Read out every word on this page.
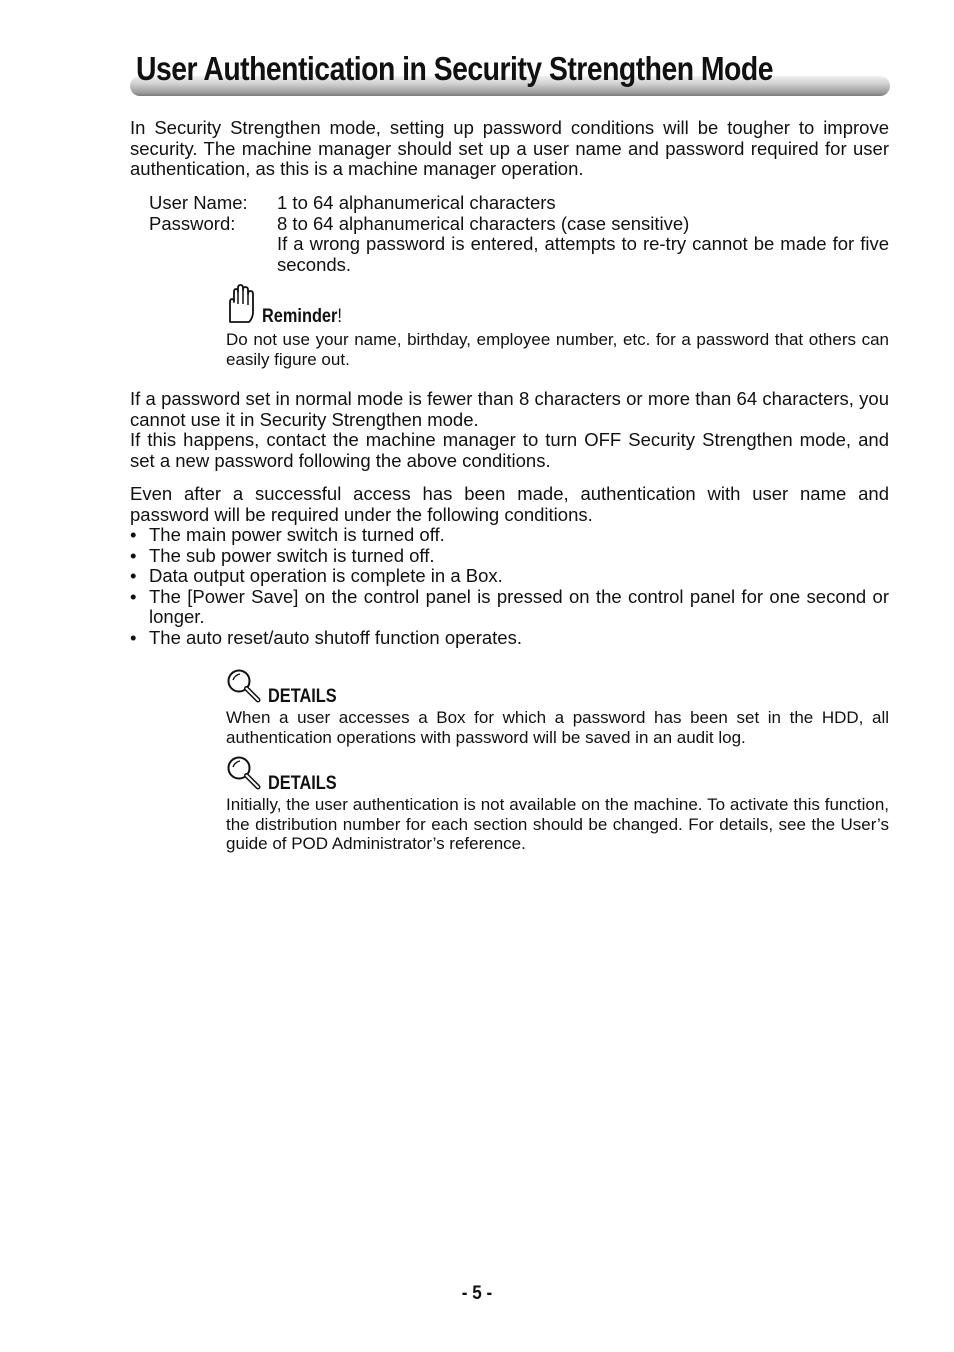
User Authentication in Security Strengthen Mode

In Security Strengthen mode, setting up password conditions will be tougher to improve security. The machine manager should set up a user name and password required for user authentication, as this is a machine manager operation.

User Name:	1 to 64 alphanumerical characters
Password:	8 to 64 alphanumerical characters (case sensitive)
If a wrong password is entered, attempts to re-try cannot be made for five seconds.
Reminder!

Do not use your name, birthday, employee number, etc. for a password that others can easily figure out.

If a password set in normal mode is fewer than 8 characters or more than 64 characters, you cannot use it in Security Strengthen mode.

If this happens, contact the machine manager to turn OFF Security Strengthen mode, and set a new password following the above conditions.

Even after a successful access has been made, authentication with user name and password will be required under the following conditions.

• The main power switch is turned off.
• The sub power switch is turned off.
• Data output operation is complete in a Box.
• The [Power Save] on the control panel is pressed on the control panel for one second or longer.
• The auto reset/auto shutoff function operates.
DETAILS

When a user accesses a Box for which a password has been set in the HDD, all authentication operations with password will be saved in an audit log.

DETAILS

Initially, the user authentication is not available on the machine. To activate this function, the distribution number for each section should be changed. For details, see the User’s guide of POD Administrator’s reference.

- 5 -
